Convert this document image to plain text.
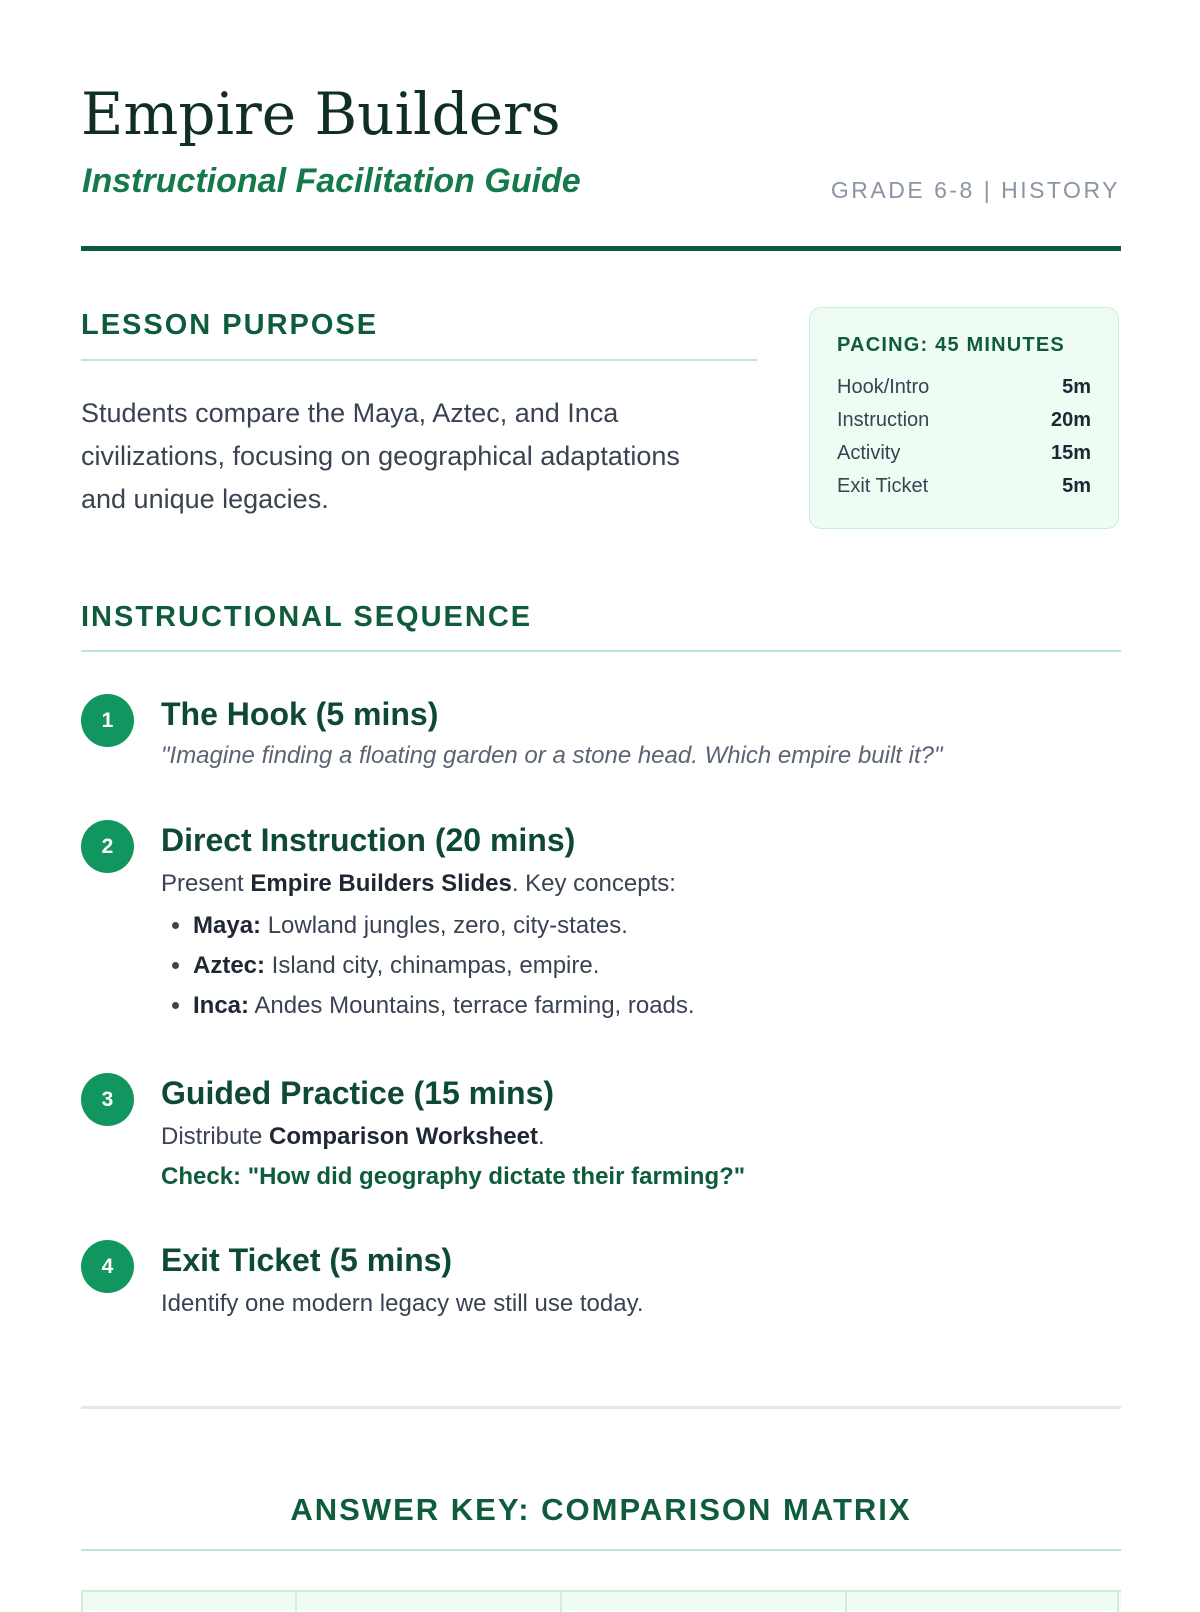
Empire Builders
Instructional Facilitation Guide	GRADE 6-8 | HISTORY
LESSON PURPOSE
Students compare the Maya, Aztec, and Inca civilizations, focusing on geographical adaptations and unique legacies.
PACING: 45 MINUTES
Hook/Intro	5m
Instruction	20m
Activity	15m
Exit Ticket	5m
INSTRUCTIONAL SEQUENCE
1	The Hook (5 mins)
"Imagine finding a floating garden or a stone head. Which empire built it?"
2	Direct Instruction (20 mins)
Present Empire Builders Slides. Key concepts:
• Maya: Lowland jungles, zero, city-states.
• Aztec: Island city, chinampas, empire.
• Inca: Andes Mountains, terrace farming, roads.
3	Guided Practice (15 mins)
Distribute Comparison Worksheet.
Check: "How did geography dictate their farming?"
4	Exit Ticket (5 mins)
Identify one modern legacy we still use today.
ANSWER KEY: COMPARISON MATRIX
